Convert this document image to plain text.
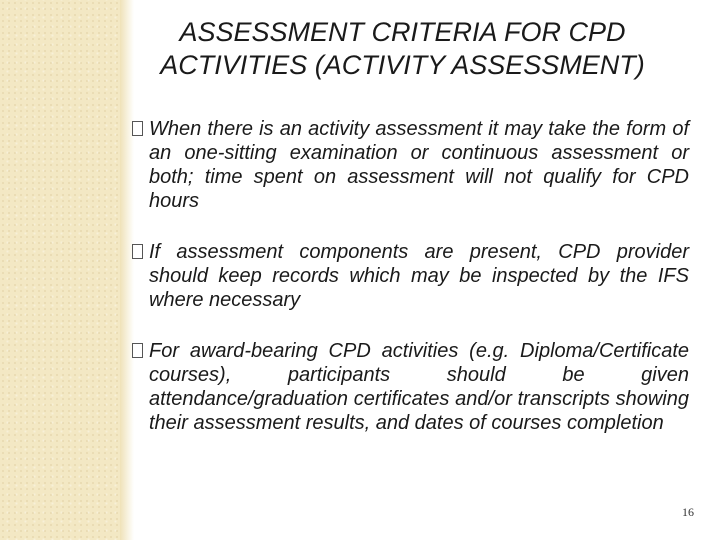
ASSESSMENT CRITERIA FOR CPD ACTIVITIES (ACTIVITY ASSESSMENT)

When there is an activity assessment it may take the form of an one-sitting examination or continuous assessment or both; time spent on assessment will not qualify for CPD hours

If assessment components are present, CPD provider should keep records which may be inspected by the IFS where necessary

For award-bearing CPD activities (e.g. Diploma/Certificate courses), participants should be given attendance/graduation certificates and/or transcripts showing their assessment results, and dates of courses completion

16
